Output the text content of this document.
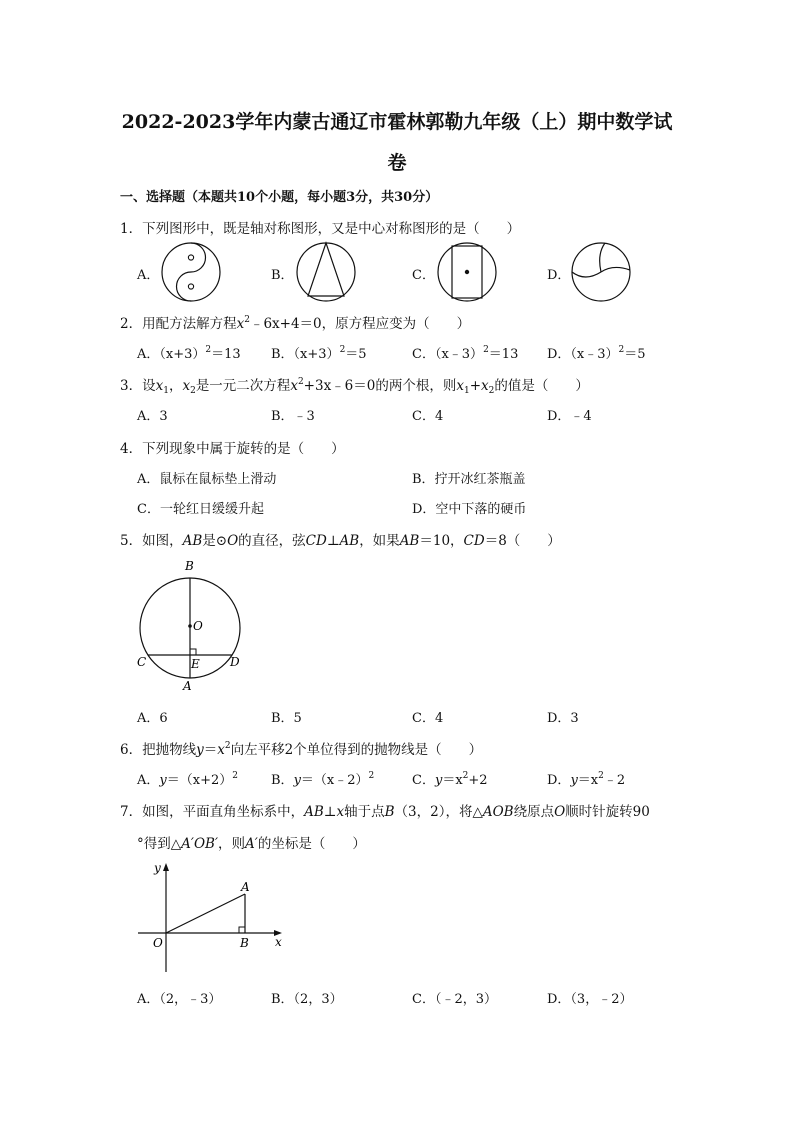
2022-2023学年内蒙古通辽市霍林郭勒九年级（上）期中数学试
卷
一、选择题（本题共10个小题，每小题3分，共30分）
1．下列图形中，既是轴对称图形，又是中心对称图形的是（　　）
A．	B．	C．	D．
2．用配方法解方程$x^2﹣6x+4=0$，原方程应变为（　　）
A．$(x+3)^2=13$ B．$(x+3)^2=5$	C．（x﹣3）$^2$＝13 D．（x﹣3）$^2$＝5
3．设$x_1$，$x_2$是一元二次方程$x^2+3x﹣6=0$的两个根，则$x_1+x_2$的值是（　　）
A．3	B．﹣3	C．4	D．﹣4
4．下列现象中属于旋转的是（　　）
A．鼠标在鼠标垫上滑动	B．拧开冰红茶瓶盖
C．一轮红日缓缓升起	D．空中下落的硬币
5．如图，AB是⊙O的直径，弦CD⊥AB，如果AB＝10，CD＝8（　　）
B
O
C	E	D
A
A．6	B．5	C．4	D．3
6．把抛物线$y=x^2$向左平移2个单位得到的抛物线是（　　）
A．$y=(x+2)^2$	B．y＝（x﹣2）$^2$	C．$y=x^2+2$	D．$y=x^2﹣2$
7．如图，平面直角坐标系中，AB⊥x轴于点B（3，2），将△AOB绕原点O顺时针旋转90
°得到△A′OB′，则A′的坐标是（　　）
y
A
O	B x
A．（2，﹣3）	B．（2，3）	C．（﹣2，3）	D．（3，﹣2）
